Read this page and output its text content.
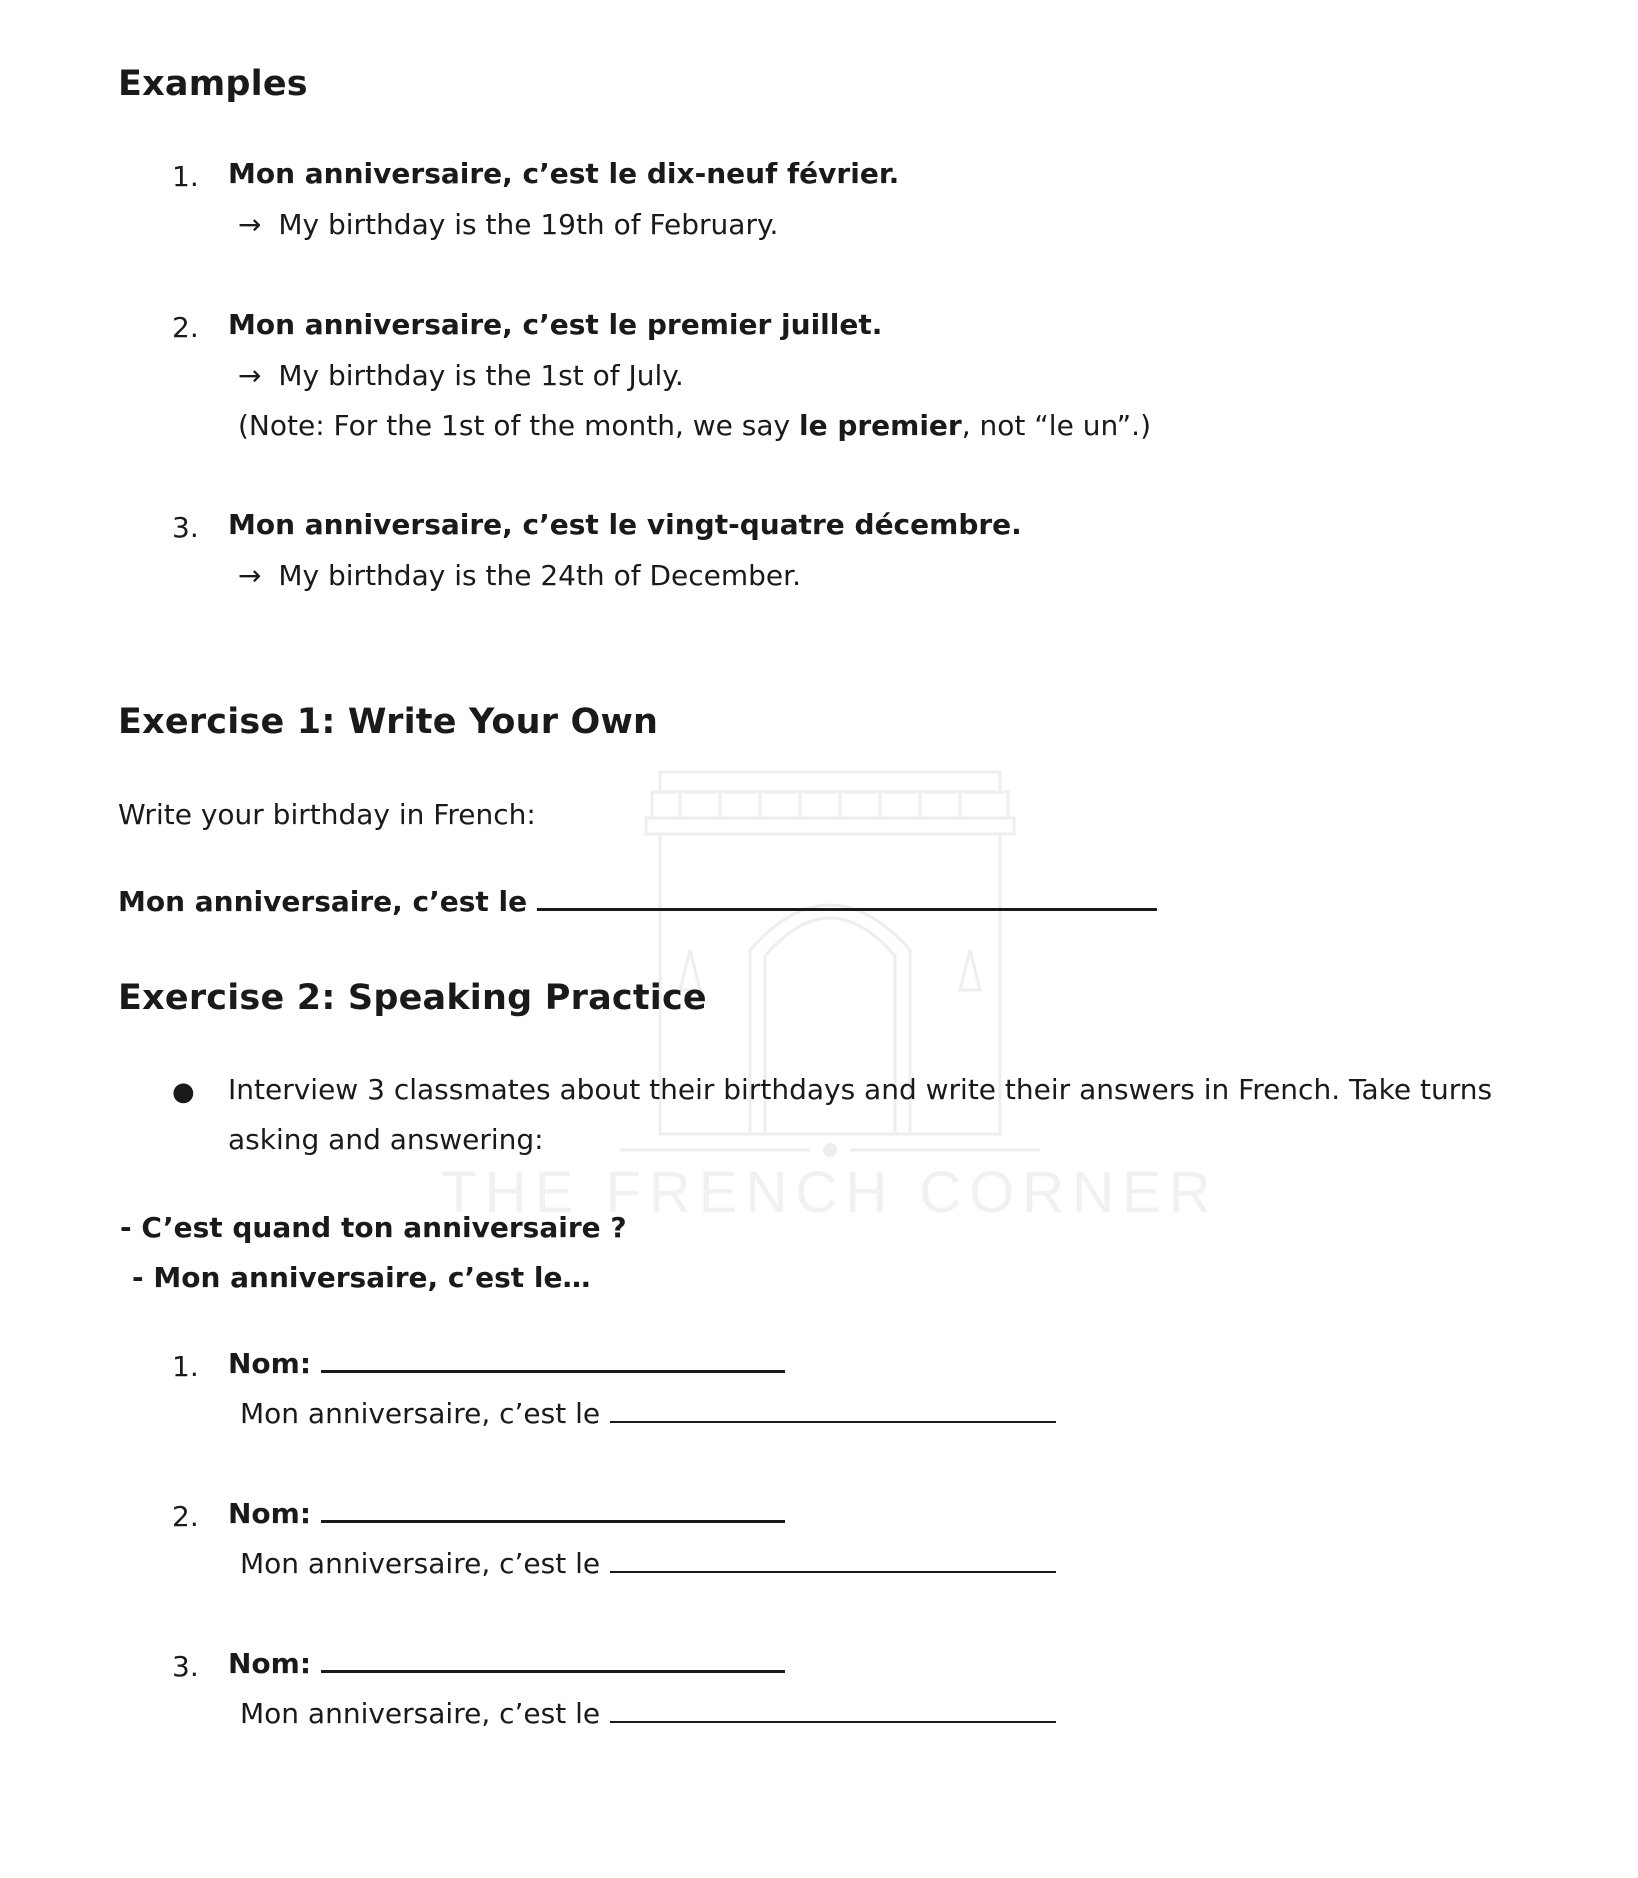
THE FRENCH CORNER
Examples
1. Mon anniversaire, c’est le dix-neuf février.
→ My birthday is the 19th of February.
2. Mon anniversaire, c’est le premier juillet.
→ My birthday is the 1st of July.
(Note: For the 1st of the month, we say le premier, not “le un”.)
3. Mon anniversaire, c’est le vingt-quatre décembre.
→ My birthday is the 24th of December.
Exercise 1: Write Your Own
Write your birthday in French:
Mon anniversaire, c’est le
Exercise 2: Speaking Practice
● Interview 3 classmates about their birthdays and write their answers in French. Take turns
asking and answering:
- C’est quand ton anniversaire ?
- Mon anniversaire, c’est le…
1. Nom:
Mon anniversaire, c’est le
2. Nom:
Mon anniversaire, c’est le
3. Nom:
Mon anniversaire, c’est le
